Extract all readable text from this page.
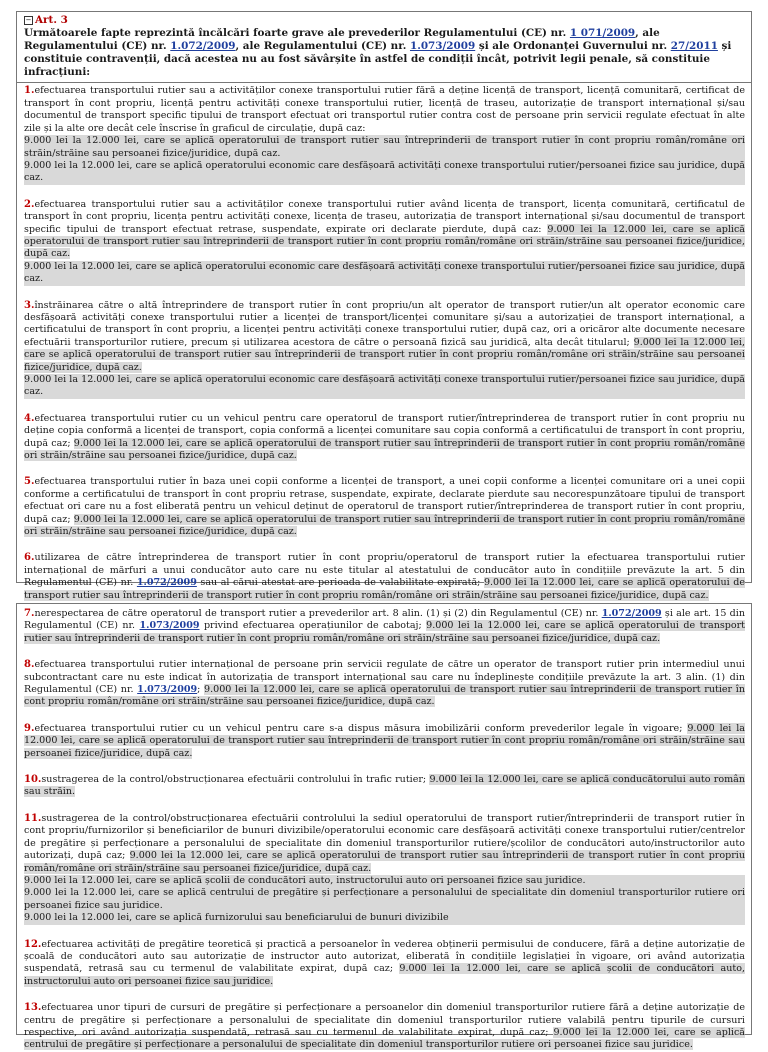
− Art. 3
Următoarele fapte reprezintă încălcări foarte grave ale prevederilor Regulamentului (CE) nr. 1 071/2009, ale Regulamentului (CE) nr. 1.072/2009, ale Regulamentului (CE) nr. 1.073/2009 și ale Ordonanței Guvernului nr. 27/2011 și constituie contravenții, dacă acestea nu au fost săvârșite în astfel de condiții încât, potrivit legii penale, să constituie infracțiuni:

1.efectuarea transportului rutier sau a activităților conexe transportului rutier fără a deține licență de transport, licență comunitară, certificat de transport în cont propriu, licență pentru activități conexe transportului rutier, licență de traseu, autorizație de transport internațional și/sau documentul de transport specific tipului de transport efectuat ori transportul rutier contra cost de persoane prin servicii regulate efectuat în alte zile și la alte ore decât cele înscrise în graficul de circulație, după caz:
9.000 lei la 12.000 lei, care se aplică operatorului de transport rutier sau întreprinderii de transport rutier în cont propriu român/române ori străin/străine sau persoanei fizice/juridice, după caz.
9.000 lei la 12.000 lei, care se aplică operatorului economic care desfășoară activități conexe transportului rutier/persoanei fizice sau juridice, după caz.

2.efectuarea transportului rutier sau a activităților conexe transportului rutier având licența de transport, licența comunitară, certificatul de transport în cont propriu, licența pentru activități conexe, licența de traseu, autorizația de transport internațional și/sau documentul de transport specific tipului de transport efectuat retrase, suspendate, expirate ori declarate pierdute, după caz: 9.000 lei la 12.000 lei, care se aplică operatorului de transport rutier sau întreprinderii de transport rutier în cont propriu român/române ori străin/străine sau persoanei fizice/juridice, după caz.
9.000 lei la 12.000 lei, care se aplică operatorului economic care desfășoară activități conexe transportului rutier/persoanei fizice sau juridice, după caz.

3.înstrăinarea către o altă întreprindere de transport rutier în cont propriu/un alt operator de transport rutier/un alt operator economic care desfășoară activități conexe transportului rutier a licenței de transport/licenței comunitare și/sau a autorizației de transport internațional, a certificatului de transport în cont propriu, a licenței pentru activități conexe transportului rutier, după caz, ori a oricăror alte documente necesare efectuării transporturilor rutiere, precum și utilizarea acestora de către o persoană fizică sau juridică, alta decât titularul; 9.000 lei la 12.000 lei, care se aplică operatorului de transport rutier sau întreprinderii de transport rutier în cont propriu român/române ori străin/străine sau persoanei fizice/juridice, după caz.
9.000 lei la 12.000 lei, care se aplică operatorului economic care desfășoară activități conexe transportului rutier/persoanei fizice sau juridice, după caz.

4.efectuarea transportului rutier cu un vehicul pentru care operatorul de transport rutier/întreprinderea de transport rutier în cont propriu nu deține copia conformă a licenței de transport, copia conformă a licenței comunitare sau copia conformă a certificatului de transport în cont propriu, după caz; 9.000 lei la 12.000 lei, care se aplică operatorului de transport rutier sau întreprinderii de transport rutier în cont propriu român/române ori străin/străine sau persoanei fizice/juridice, după caz.

5.efectuarea transportului rutier în baza unei copii conforme a licenței de transport, a unei copii conforme a licenței comunitare ori a unei copii conforme a certificatului de transport în cont propriu retrase, suspendate, expirate, declarate pierdute sau necorespunzătoare tipului de transport efectuat ori care nu a fost eliberată pentru un vehicul deținut de operatorul de transport rutier/întreprinderea de transport rutier în cont propriu, după caz; 9.000 lei la 12.000 lei, care se aplică operatorului de transport rutier sau întreprinderii de transport rutier în cont propriu român/române ori străin/străine sau persoanei fizice/juridice, după caz.

6.utilizarea de către întreprinderea de transport rutier în cont propriu/operatorul de transport rutier la efectuarea transportului rutier internațional de mărfuri a unui conducător auto care nu este titular al atestatului de conducător auto în condițiile prevăzute la art. 5 din Regulamentul (CE) nr. 1.072/2009 sau al cărui atestat are perioada de valabilitate expirată; 9.000 lei la 12.000 lei, care se aplică operatorului de transport rutier sau întreprinderii de transport rutier în cont propriu român/române ori străin/străine sau persoanei fizice/juridice, după caz.

7.nerespectarea de către operatorul de transport rutier a prevederilor art. 8 alin. (1) și (2) din Regulamentul (CE) nr. 1.072/2009 și ale art. 15 din Regulamentul (CE) nr. 1.073/2009 privind efectuarea operațiunilor de cabotaj; 9.000 lei la 12.000 lei, care se aplică operatorului de transport rutier sau întreprinderii de transport rutier în cont propriu român/române ori străin/străine sau persoanei fizice/juridice, după caz.

8.efectuarea transportului rutier internațional de persoane prin servicii regulate de către un operator de transport rutier prin intermediul unui subcontractant care nu este indicat în autorizația de transport internațional sau care nu îndeplinește condițiile prevăzute la art. 3 alin. (1) din Regulamentul (CE) nr. 1.073/2009; 9.000 lei la 12.000 lei, care se aplică operatorului de transport rutier sau întreprinderii de transport rutier în cont propriu român/române ori străin/străine sau persoanei fizice/juridice, după caz.

9.efectuarea transportului rutier cu un vehicul pentru care s-a dispus măsura imobilizării conform prevederilor legale în vigoare; 9.000 lei la 12.000 lei, care se aplică operatorului de transport rutier sau întreprinderii de transport rutier în cont propriu român/române ori străin/străine sau persoanei fizice/juridice, după caz.

10.sustragerea de la control/obstrucționarea efectuării controlului în trafic rutier; 9.000 lei la 12.000 lei, care se aplică conducătorului auto român sau străin.

11.sustragerea de la control/obstrucționarea efectuării controlului la sediul operatorului de transport rutier/întreprinderii de transport rutier în cont propriu/furnizorilor și beneficiarilor de bunuri divizibile/operatorului economic care desfășoară activități conexe transportului rutier/centrelor de pregătire și perfecționare a personalului de specialitate din domeniul transporturilor rutiere/școlilor de conducători auto/instructorilor auto autorizați, după caz; 9.000 lei la 12.000 lei, care se aplică operatorului de transport rutier sau întreprinderii de transport rutier în cont propriu român/române ori străin/străine sau persoanei fizice/juridice, după caz.
9.000 lei la 12.000 lei, care se aplică școlii de conducători auto, instructorului auto ori persoanei fizice sau juridice.
9.000 lei la 12.000 lei, care se aplică centrului de pregătire și perfecționare a personalului de specialitate din domeniul transporturilor rutiere ori persoanei fizice sau juridice.
9.000 lei la 12.000 lei, care se aplică furnizorului sau beneficiarului de bunuri divizibile

12.efectuarea activități de pregătire teoretică și practică a persoanelor în vederea obținerii permisului de conducere, fără a deține autorizație de școală de conducători auto sau autorizație de instructor auto autorizat, eliberată în condițiile legislației în vigoare, ori având autorizația suspendată, retrasă sau cu termenul de valabilitate expirat, după caz; 9.000 lei la 12.000 lei, care se aplică școlii de conducători auto, instructorului auto ori persoanei fizice sau juridice.

13.efectuarea unor tipuri de cursuri de pregătire și perfecționare a persoanelor din domeniul transporturilor rutiere fără a deține autorizație de centru de pregătire și perfecționare a personalului de specialitate din domeniul transporturilor rutiere valabilă pentru tipurile de cursuri respective, ori având autorizația suspendată, retrasă sau cu termenul de valabilitate expirat, după caz; 9.000 lei la 12.000 lei, care se aplică centrului de pregătire și perfecționare a personalului de specialitate din domeniul transporturilor rutiere ori persoanei fizice sau juridice.
